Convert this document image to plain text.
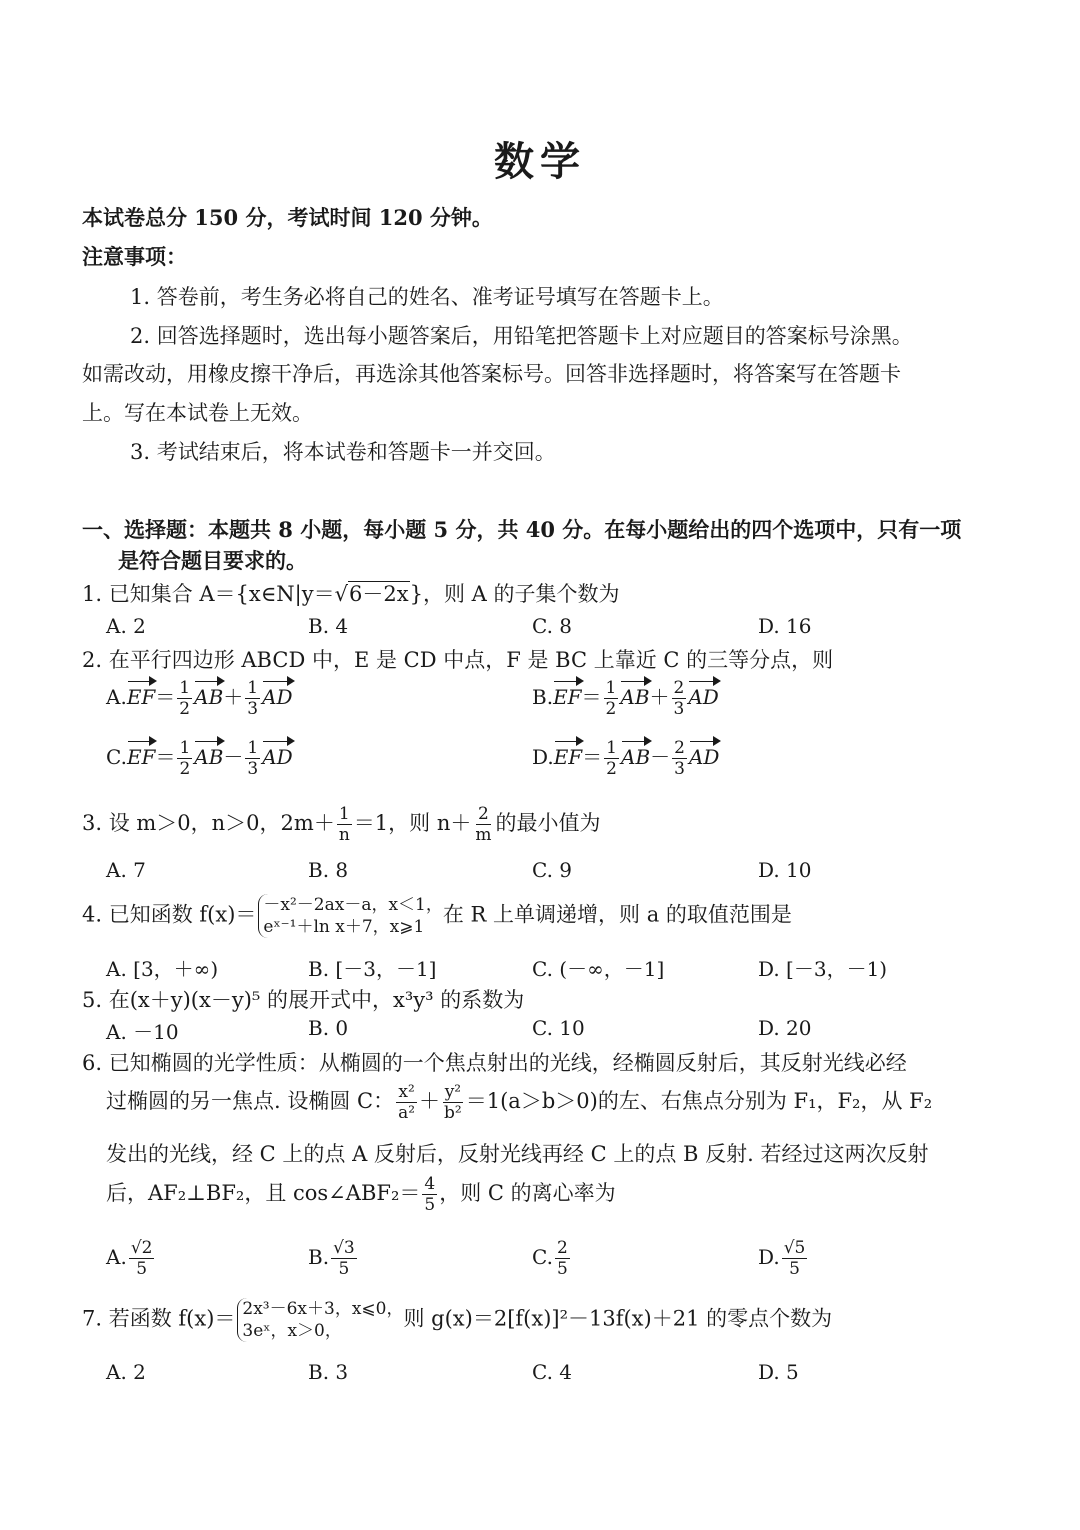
数学
本试卷总分 150 分，考试时间 120 分钟。
注意事项：
1. 答卷前，考生务必将自己的姓名、准考证号填写在答题卡上。
2. 回答选择题时，选出每小题答案后，用铅笔把答题卡上对应题目的答案标号涂黑。
如需改动，用橡皮擦干净后，再选涂其他答案标号。回答非选择题时，将答案写在答题卡
上。写在本试卷上无效。
3. 考试结束后，将本试卷和答题卡一并交回。
一、选择题：本题共 8 小题，每小题 5 分，共 40 分。在每小题给出的四个选项中，只有一项
是符合题目要求的。
1. 已知集合 A＝{x∈N|y＝√6－2x}，则 A 的子集个数为
A. 2	B. 4	C. 8	D. 16
2. 在平行四边形 ABCD 中，E 是 CD 中点，F 是 BC 上靠近 C 的三等分点，则
$A.EF= \frac{1}{2} AB+ \frac{1}{3}$ AD	$B.EF= \frac{1}{2} AB+ \frac{2}{3}$ AD
$C.EF= \frac{1}{2} AB- \frac{1}{3}$ AD	$D.EF= \frac{1}{2} AB- \frac{2}{3}$ AD
3. 设 m＞0，n＞0，$2m+ \frac{1}{n} =1$，则 $n+ \frac{2}{m}$ 的最小值为
A. 7	B. 8	C. 9	D. 10
4. 已知函数 f(x)＝ －x²－2ax－a，x＜1，
eˣ⁻¹＋ln x＋7，x⩾1
在 R 上单调递增，则 a 的取值范围是
A. [3，＋∞)	B. [－3，－1]	C. (－∞，－1]	D. [－3，－1)
5. 在(x＋y)(x－y)⁵ 的展开式中，x³y³ 的系数为
A. －10	B. 0	C. 10	D. 20
6. 已知椭圆的光学性质：从椭圆的一个焦点射出的光线，经椭圆反射后，其反射光线必经
过椭圆的另一焦点. 设椭圆 C： $\frac{\text{x²}}{\text{a²}} + \frac{\text{y²}}{\text{b²}} =1(a>b>0)$的左、右焦点分别为 F₁，F₂，从 F₂
发出的光线，经 C 上的点 A 反射后，反射光线再经 C 上的点 B 反射. 若经过这两次反射
后，AF₂⊥BF₂，且 cos∠ABF₂＝ $\frac{4}{5}$ ，则 C 的离心率为
A. $\frac{√2}{5}$	B. $\frac{√3}{5}$	C. $\frac{2}{5}$	D. $\frac{√5}{5}$
7. 若函数 f(x)＝ 2x³－6x＋3，x⩽0，
3eˣ，x＞0，
则 g(x)＝2[f(x)]²－13f(x)＋21 的零点个数为
A. 2	B. 3	C. 4	D. 5
